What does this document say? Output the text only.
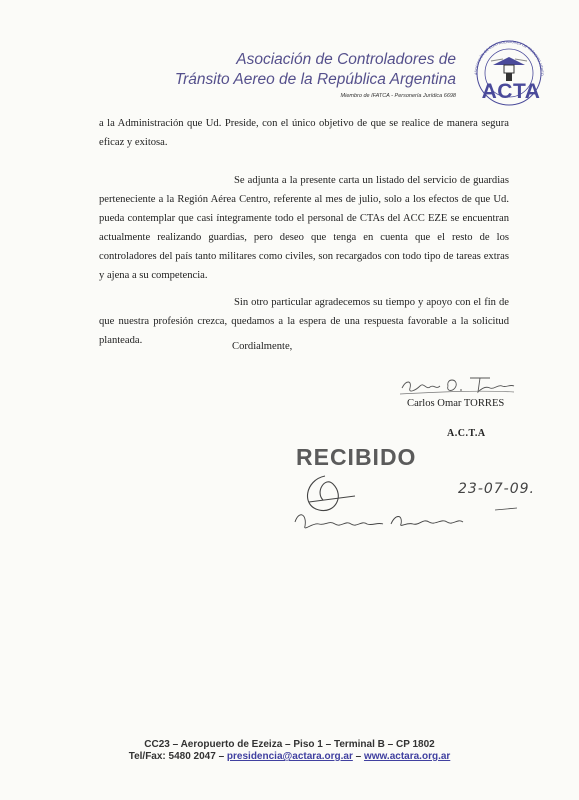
Asociación de Controladores de
Tránsito Aereo de la República Argentina
Miembro de IFATCA - Personería Jurídica 6698
ASOCIACIÓN DE CONTROLADORES DE TRÁNSITO AÉREO
ACTA
a la Administración que Ud. Preside, con el único objetivo de que se realice de manera segura eficaz y exitosa.
Se adjunta a la presente carta un listado del servicio de guardias perteneciente a la Región Aérea Centro, referente al mes de julio, solo a los efectos de que Ud. pueda contemplar que casi íntegramente todo el personal de CTAs del ACC EZE se encuentran actualmente realizando guardias, pero deseo que tenga en cuenta que el resto de los controladores del país tanto militares como civiles, son recargados con todo tipo de tareas extras y ajena a su competencia.
Sin otro particular agradecemos su tiempo y apoyo con el fin de que nuestra profesión crezca, quedamos a la espera de una respuesta favorable a la solicitud planteada.
Cordialmente,
Carlos Omar TORRES
A.C.T.A
RECIBIDO
23-07-09.
CC23 – Aeropuerto de Ezeiza – Piso 1 – Terminal B – CP 1802
Tel/Fax: 5480 2047 – presidencia@actara.org.ar – www.actara.org.ar
